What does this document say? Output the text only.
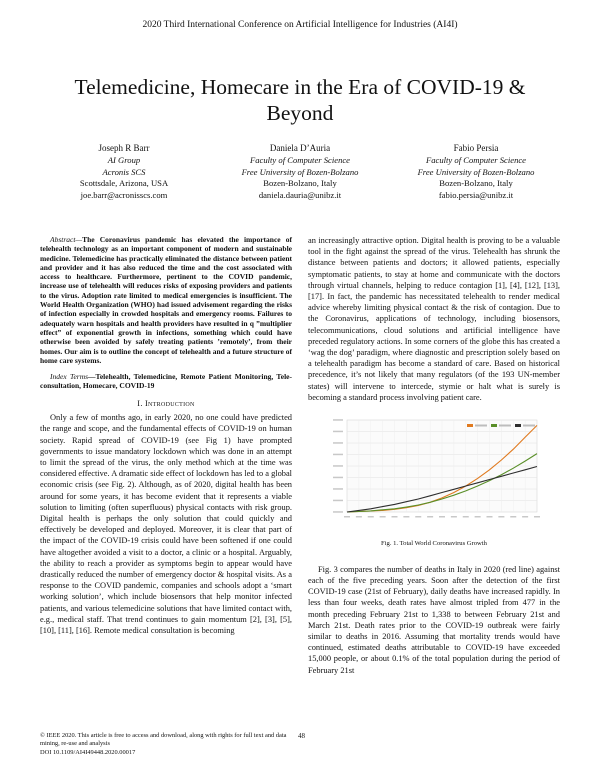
2020 Third International Conference on Artificial Intelligence for Industries (AI4I)
Telemedicine, Homecare in the Era of COVID-19 & Beyond
Joseph R Barr
AI Group
Acronis SCS
Scottsdale, Arizona, USA
joe.barr@acronisscs.com
Daniela D’Auria
Faculty of Computer Science
Free University of Bozen-Bolzano
Bozen-Bolzano, Italy
daniela.dauria@unibz.it
Fabio Persia
Faculty of Computer Science
Free University of Bozen-Bolzano
Bozen-Bolzano, Italy
fabio.persia@unibz.it

Abstract—The Coronavirus pandemic has elevated the importance of telehealth technology as an important component of modern and sustainable medicine. Telemedicine has practically eliminated the distance between patient and provider and it has also reduced the time and the cost associated with access to healthcare. Furthermore, pertinent to the COVID pandemic, increase use of telehealth will reduces risks of exposing providers and patients to the virus. Adoption rate limited to medical emergencies is insufficient. The World Health Organization (WHO) had issued advisement regarding the risks of infection especially in crowded hospitals and emergency rooms. Failures to adequately warn hospitals and health providers have resulted in q ”multiplier effect” of exponential growth in infections, something which could have otherwise been avoided by safely treating patients ’remotely’, from their homes. Our aim is to outline the concept of telehealth and a future structure of home care systems.

Index Terms—Telehealth, Telemedicine, Remote Patient Monitoring, Tele-consultation, Homecare, COVID-19

I. Introduction

Only a few of months ago, in early 2020, no one could have predicted the range and scope, and the fundamental effects of COVID-19 on human society. Rapid spread of COVID-19 (see Fig 1) have prompted governments to issue mandatory lockdown which was done in an attempt to limit the spread of the virus, the only method which at the time was considered effective. A dramatic side effect of lockdown has led to a global economic crisis (see Fig. 2). Although, as of 2020, digital health has been around for some years, it has become evident that it represents a viable solution to limiting (often superfluous) physical contacts with risk group. Digital health is perhaps the only solution that could quickly and effectively be developed and deployed. Moreover, it is clear that part of the impact of the COVID-19 crisis could have been softened if one could have altogether avoided a visit to a doctor, a clinic or a hospital. Arguably, the ability to reach a provider as symptoms begin to appear would have drastically reduced the number of emergency doctor & hospital visits. As a response to the COVID pandemic, companies and schools adopt a ‘smart working solution’, which include biosensors that help monitor infected patients, and various telemedicine solutions that have limited contact with, e.g., medical staff. That trend continues to gain momentum [2], [3], [5], [10], [11], [16]. Remote medical consultation is becoming

an increasingly attractive option. Digital health is proving to be a valuable tool in the fight against the spread of the virus. Telehealth has shrunk the distance between patients and doctors; it allowed patients, especially symptomatic patients, to stay at home and communicate with the doctors through virtual channels, helping to reduce contagion [1], [4], [12], [13], [17]. In fact, the pandemic has necessitated telehealth to render medical advice whereby limiting physical contact & the risk of contagion. Due to the Coronavirus, applications of technology, including biosensors, telecommunications, cloud solutions and artificial intelligence have preceded regulatory actions. In some corners of the globe this has created a ‘wag the dog’ paradigm, where diagnostic and prescription solely based on a telehealth paradigm has become a standard of care. Based on historical precedence, it’s not likely that many regulators (of the 193 UN-member states) will intervene to intercede, stymie or halt what is surely is becoming a standard process involving patient care.

Fig. 1. Total World Coronavirus Growth

Fig. 3 compares the number of deaths in Italy in 2020 (red line) against each of the five preceding years. Soon after the detection of the first COVID-19 case (21st of February), daily deaths have increased rapidly. In less than four weeks, death rates have almost tripled from 477 in the month preceding February 21st to 1,338 to between February 21st and March 21st. Death rates prior to the COVID-19 outbreak were fairly similar to deaths in 2016. Assuming that mortality trends would have continued, estimated deaths attributable to COVID-19 have exceeded 15,000 people, or about 0.1% of the total population during the period of February 21st

© IEEE 2020. This article is free to access and download, along with rights for full text and data mining, re-use and analysis
DOI 10.1109/AI4I49448.2020.00017
48
